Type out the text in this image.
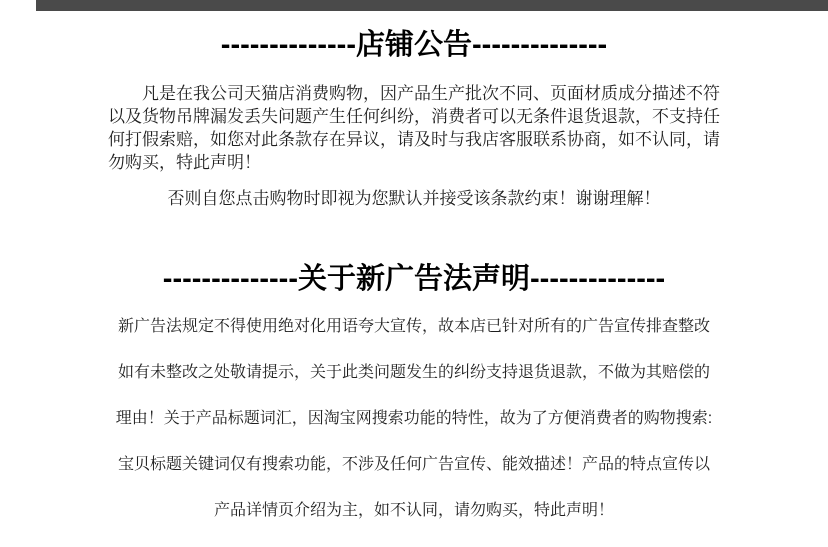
--------------店铺公告--------------
凡是在我公司天猫店消费购物，因产品生产批次不同、页面材质成分描述不符
以及货物吊牌漏发丢失问题产生任何纠纷，消费者可以无条件退货退款，不支持任
何打假索赔，如您对此条款存在异议，请及时与我店客服联系协商，如不认同，请
勿购买，特此声明！
否则自您点击购物时即视为您默认并接受该条款约束！谢谢理解！
--------------关于新广告法声明--------------
新广告法规定不得使用绝对化用语夸大宣传，故本店已针对所有的广告宣传排查整改
如有未整改之处敬请提示，关于此类问题发生的纠纷支持退货退款，不做为其赔偿的
理由！关于产品标题词汇，因淘宝网搜索功能的特性，故为了方便消费者的购物搜索:
宝贝标题关键词仅有搜索功能，不涉及任何广告宣传、能效描述！产品的特点宣传以
产品详情页介绍为主，如不认同，请勿购买，特此声明！
